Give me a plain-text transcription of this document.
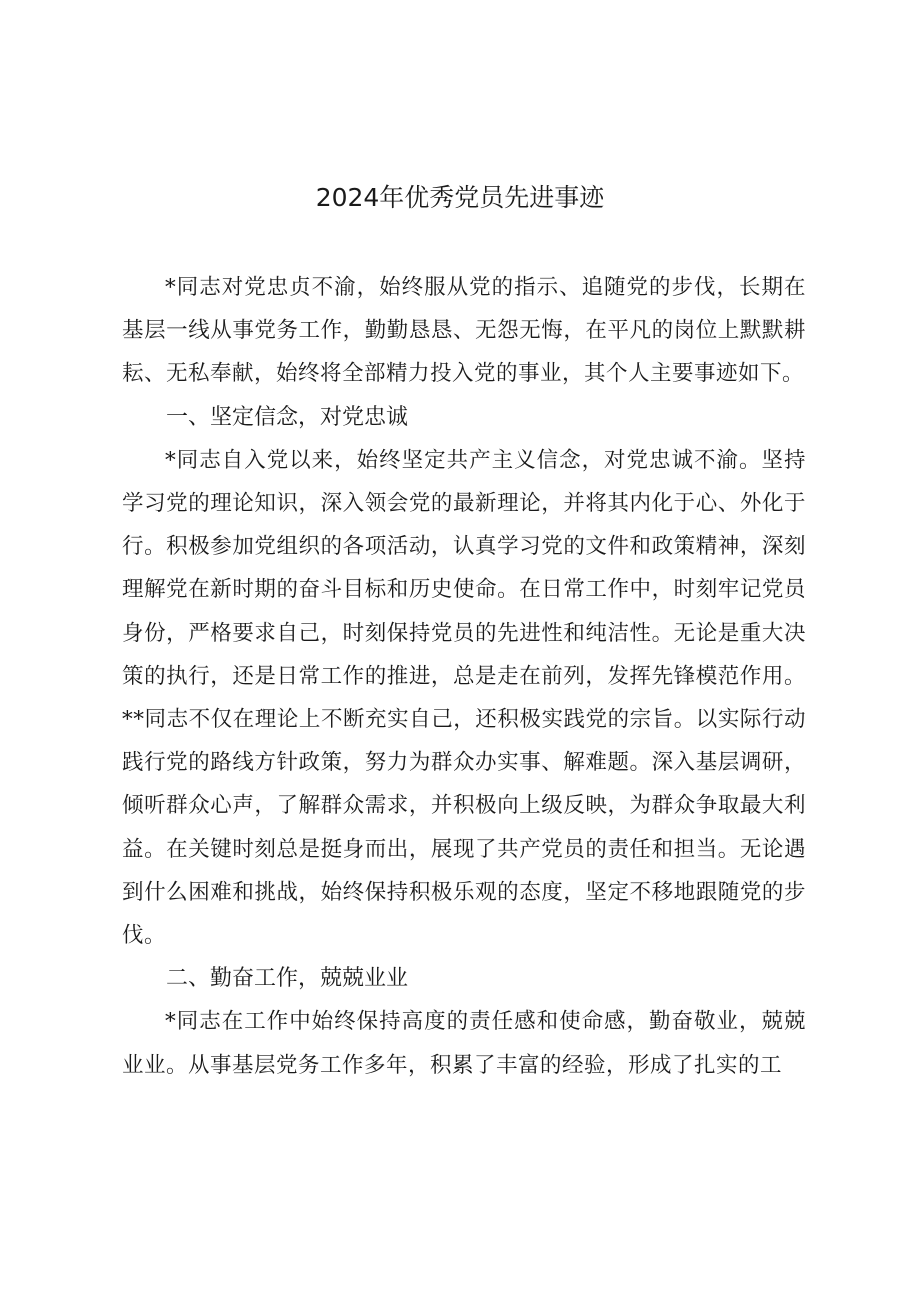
2024年优秀党员先进事迹

*同志对党忠贞不渝，始终服从党的指示、追随党的步伐，长期在基层一线从事党务工作，勤勤恳恳、无怨无悔，在平凡的岗位上默默耕耘、无私奉献，始终将全部精力投入党的事业，其个人主要事迹如下。

一、坚定信念，对党忠诚

*同志自入党以来，始终坚定共产主义信念，对党忠诚不渝。坚持学习党的理论知识，深入领会党的最新理论，并将其内化于心、外化于行。积极参加党组织的各项活动，认真学习党的文件和政策精神，深刻理解党在新时期的奋斗目标和历史使命。在日常工作中，时刻牢记党员身份，严格要求自己，时刻保持党员的先进性和纯洁性。无论是重大决策的执行，还是日常工作的推进，总是走在前列，发挥先锋模范作用。**同志不仅在理论上不断充实自己，还积极实践党的宗旨。以实际行动践行党的路线方针政策，努力为群众办实事、解难题。深入基层调研，倾听群众心声，了解群众需求，并积极向上级反映，为群众争取最大利益。在关键时刻总是挺身而出，展现了共产党员的责任和担当。无论遇到什么困难和挑战，始终保持积极乐观的态度，坚定不移地跟随党的步伐。

二、勤奋工作，兢兢业业

*同志在工作中始终保持高度的责任感和使命感，勤奋敬业，兢兢业业。从事基层党务工作多年，积累了丰富的经验，形成了扎实的工
